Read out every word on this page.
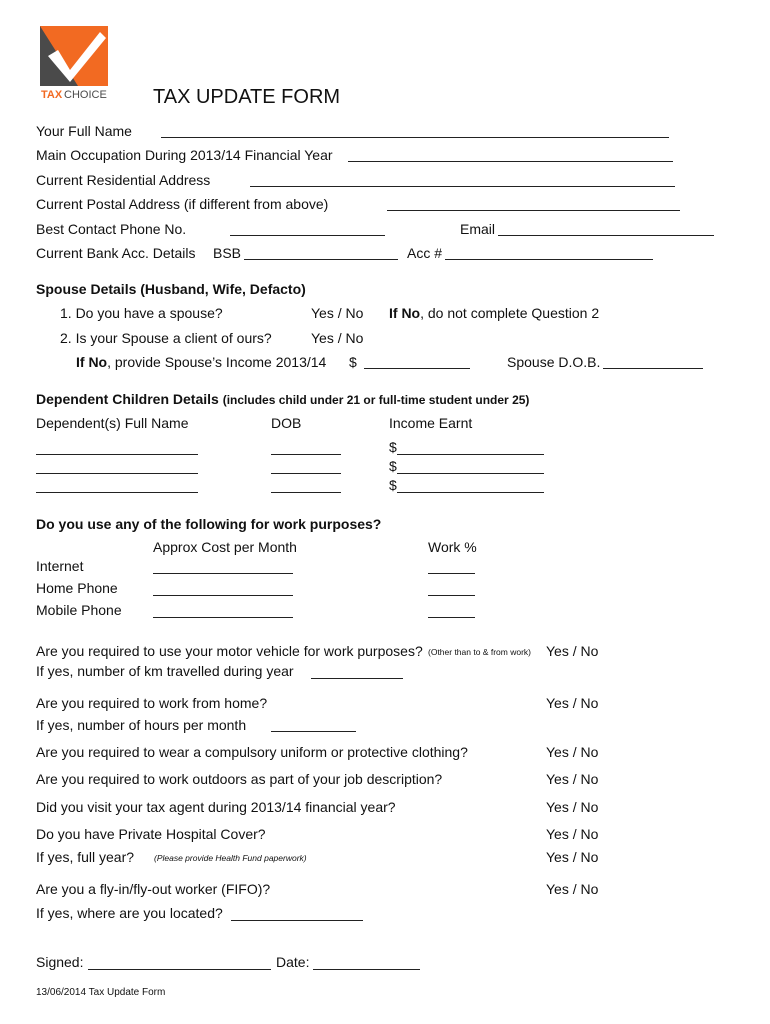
TAX CHOICE TAX UPDATE FORM
Your Full Name
Main Occupation During 2013/14 Financial Year
Current Residential Address
Current Postal Address (if different from above)
Best Contact Phone No.	Email
Current Bank Acc. Details BSB	Acc #
Spouse Details (Husband, Wife, Defacto)
1. Do you have a spouse?	Yes / No If No, do not complete Question 2
2. Is your Spouse a client of ours?	Yes / No
If No, provide Spouse’s Income 2013/14 $	Spouse D.O.B.
Dependent Children Details (includes child under 21 or full-time student under 25)
Dependent(s) Full Name	DOB	Income Earnt
$
$
$
Do you use any of the following for work purposes?
Approx Cost per Month	Work %
Internet
Home Phone
Mobile Phone
Are you required to use your motor vehicle for work purposes? (Other than to & from work) Yes / No
If yes, number of km travelled during year
Are you required to work from home?	Yes / No
If yes, number of hours per month
Are you required to wear a compulsory uniform or protective clothing?	Yes / No
Are you required to work outdoors as part of your job description?	Yes / No
Did you visit your tax agent during 2013/14 financial year?	Yes / No
Do you have Private Hospital Cover?	Yes / No
If yes, full year? (Please provide Health Fund paperwork)	Yes / No
Are you a fly-in/fly-out worker (FIFO)?	Yes / No
If yes, where are you located?
Signed:	Date:
13/06/2014 Tax Update Form
